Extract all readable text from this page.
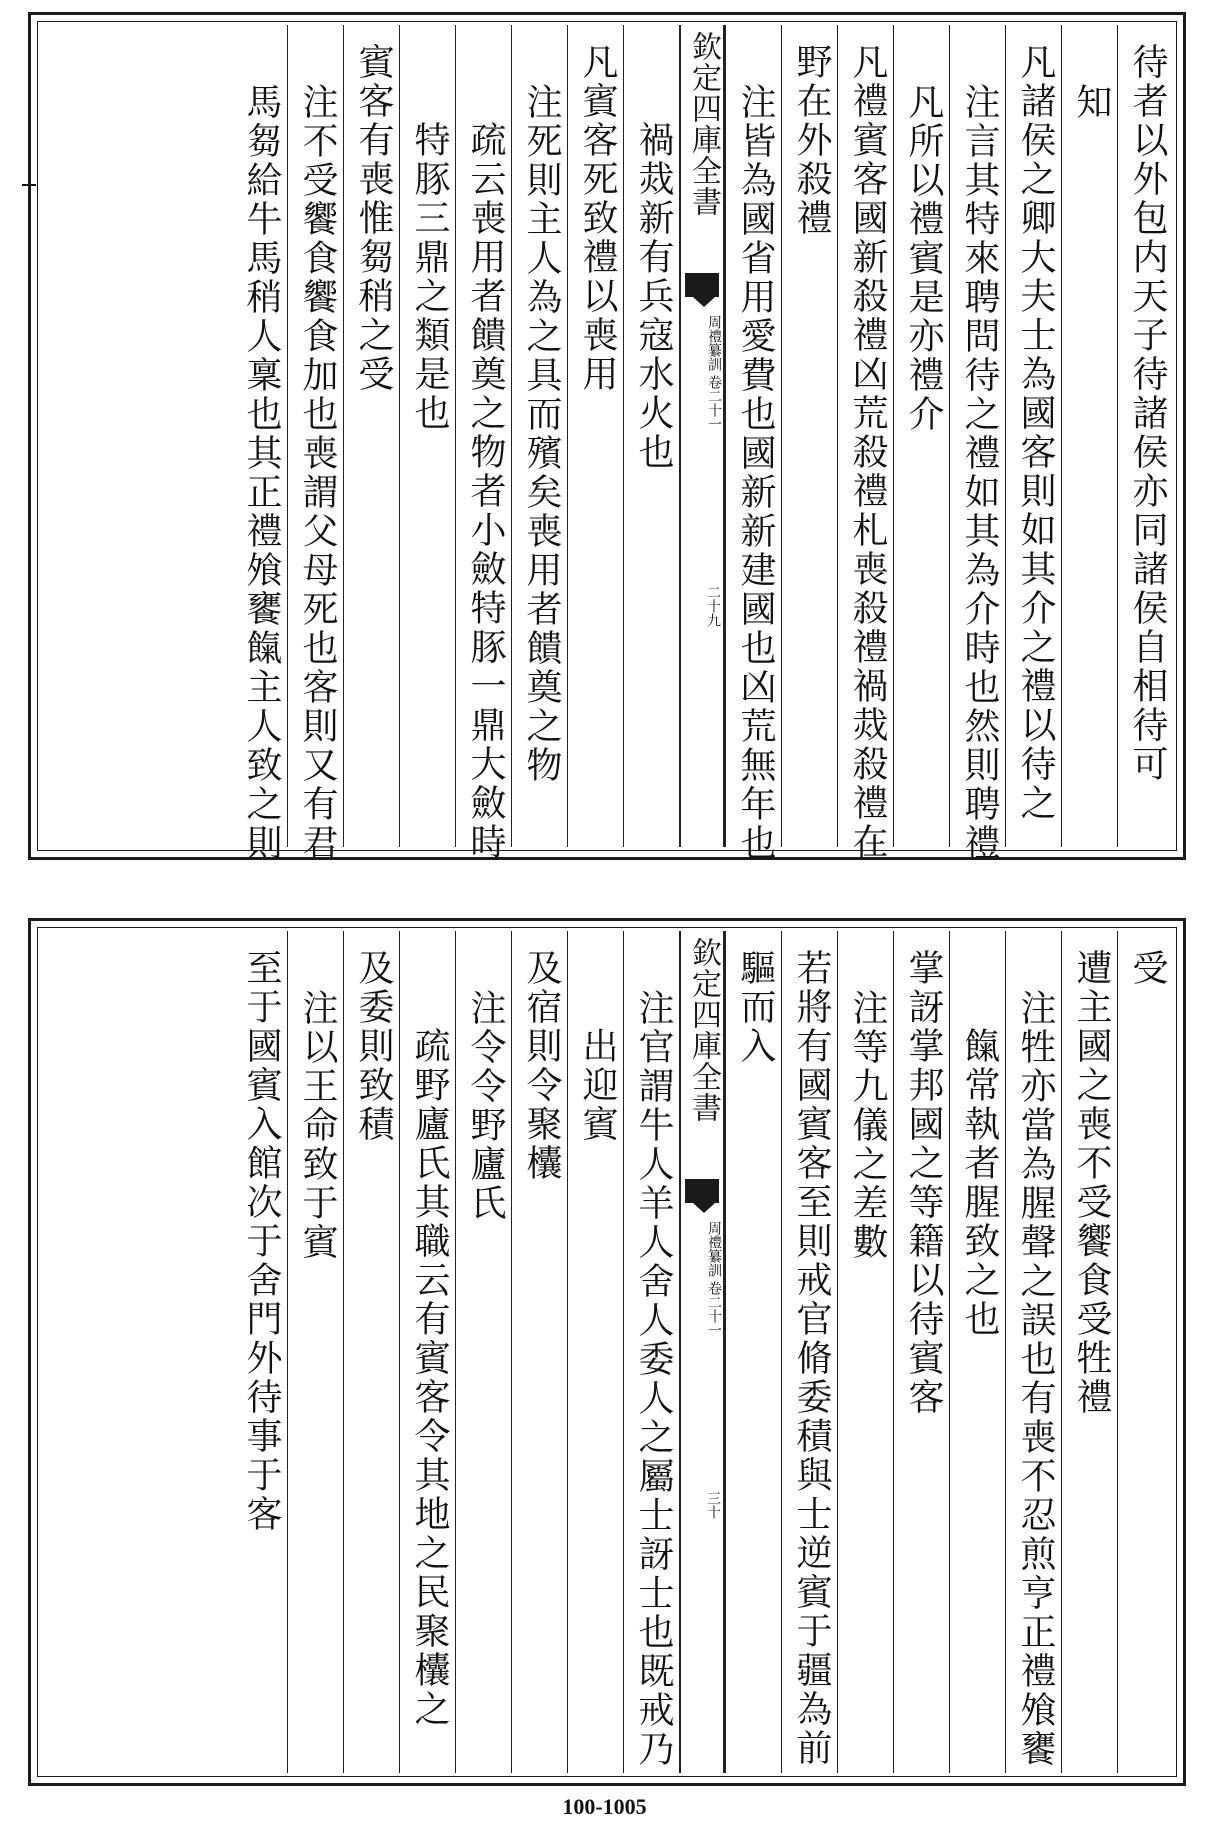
待者以外包内天子待諸侯亦同諸侯自相待可
知
凡諸侯之卿大夫士為國客則如其介之禮以待之
注言其特來聘問待之禮如其為介時也然則聘禮
凡所以禮賓是亦禮介
凡禮賓客國新殺禮凶荒殺禮札喪殺禮禍烖殺禮在
野在外殺禮
注皆為國省用愛費也國新新建國也凶荒無年也
欽定四庫全書
周禮纂訓
卷二十一
二十九
禍烖新有兵寇水火也
凡賓客死致禮以喪用
注死則主人為之具而殯矣喪用者饋奠之物
疏云喪用者饋奠之物者小斂特豚一鼎大斂時
特豚三鼎之類是也
賓客有喪惟芻稍之受
注不受饗食饗食加也喪謂父母死也客則又有君
馬芻給牛馬稍人稟也其正禮飧饔餼主人致之則
受
遭主國之喪不受饗食受牲禮
注牲亦當為腥聲之誤也有喪不忍煎亨正禮飧饔
餼常執者腥致之也
掌訝掌邦國之等籍以待賓客
注等九儀之差數
若將有國賓客至則戒官脩委積與士逆賓于疆為前
驅而入
欽定四庫全書
周禮纂訓
卷二十一
三十
注官謂牛人羊人舍人委人之屬士訝士也既戒乃
出迎賓
及宿則令聚欜
注令令野廬氏
疏野廬氏其職云有賓客令其地之民聚欜之
及委則致積
注以王命致于賓
至于國賓入館次于舍門外待事于客
100-1005
